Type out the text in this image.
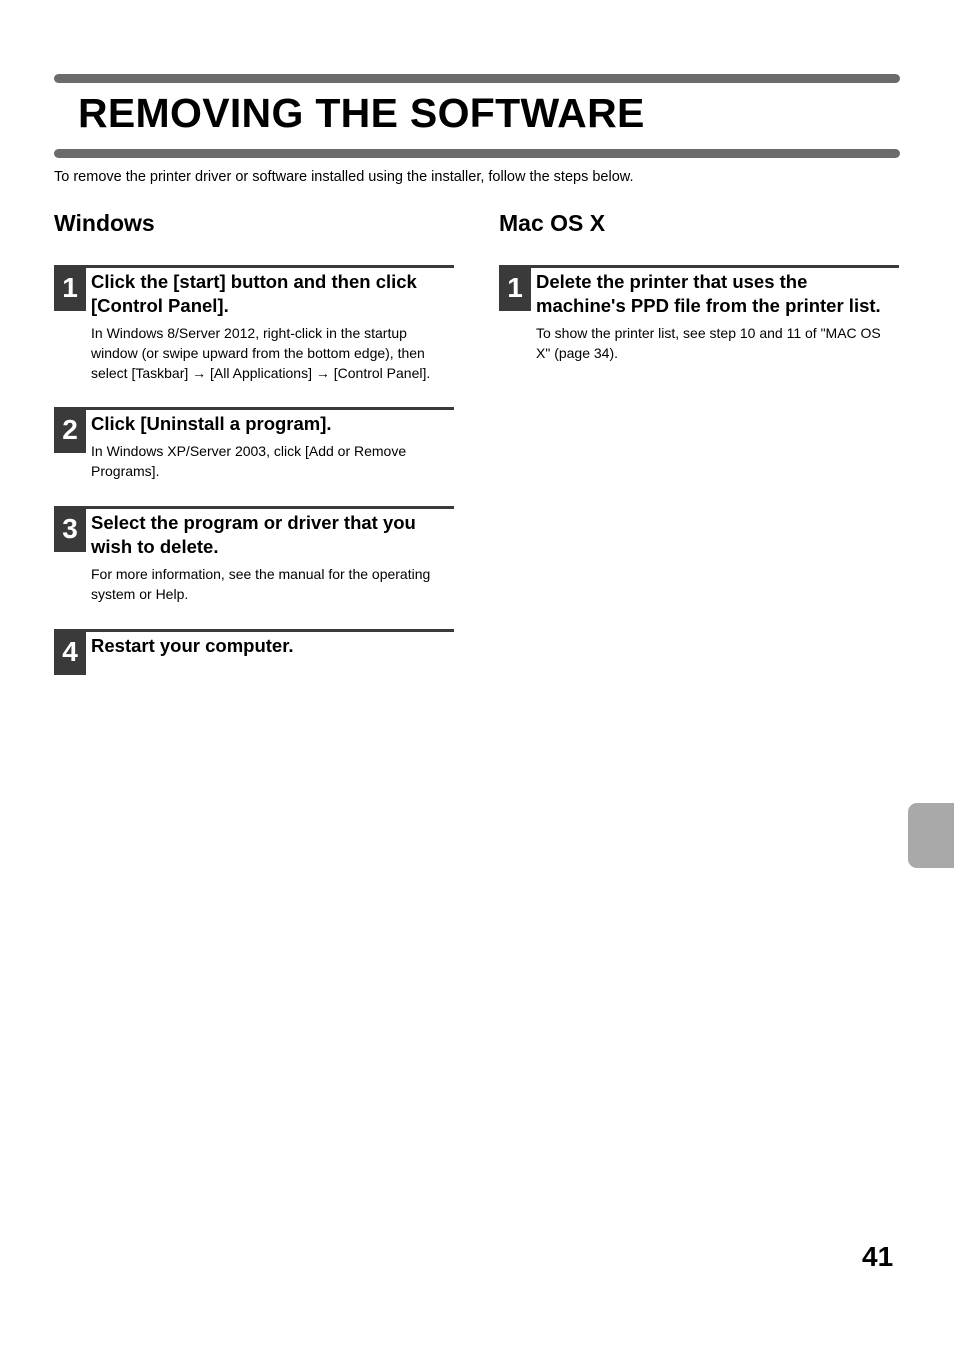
REMOVING THE SOFTWARE

To remove the printer driver or software installed using the installer, follow the steps below.

Windows	Mac OS X
1 Click the [start] button and then click [Control Panel].
In Windows 8/Server 2012, right-click in the startup window (or swipe upward from the bottom edge), then select [Taskbar] → [All Applications] → [Control Panel].
2 Click [Uninstall a program].
In Windows XP/Server 2003, click [Add or Remove Programs].
3 Select the program or driver that you wish to delete.
For more information, see the manual for the operating system or Help.
4 Restart your computer.
1 Delete the printer that uses the machine's PPD file from the printer list.
To show the printer list, see step 10 and 11 of "MAC OS X" (page 34).
41
